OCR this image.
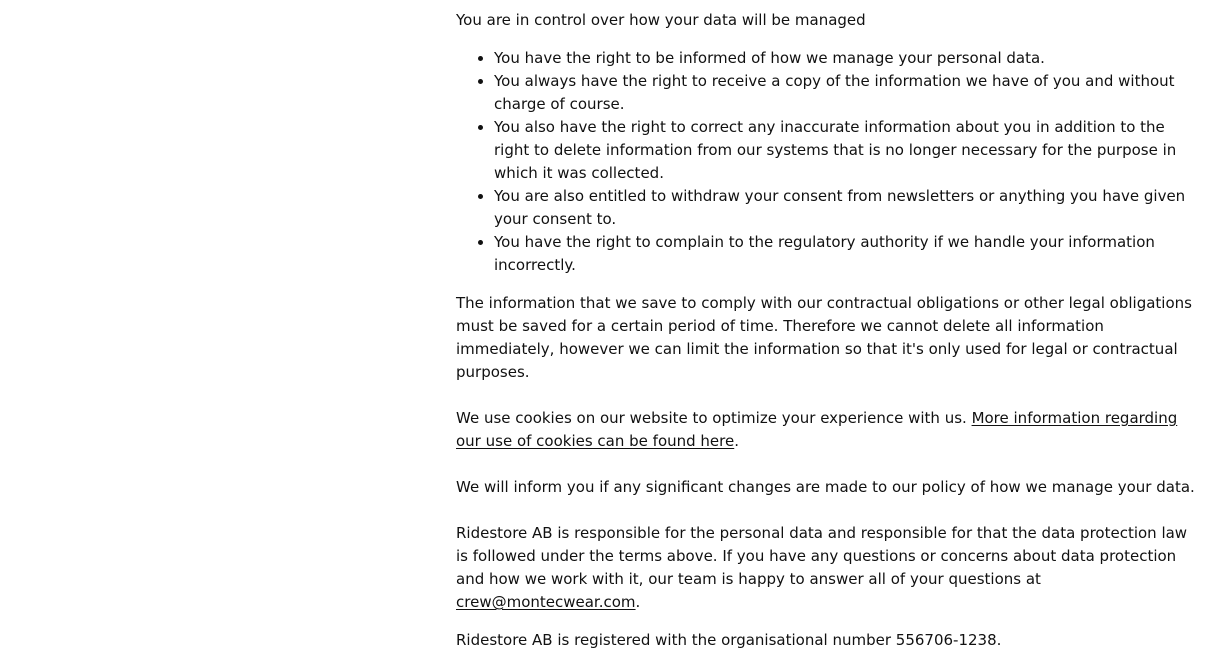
You are in control over how your data will be managed

• You have the right to be informed of how we manage your personal data.
• You always have the right to receive a copy of the information we have of you and without charge of course.
• You also have the right to correct any inaccurate information about you in addition to the right to delete information from our systems that is no longer necessary for the purpose in which it was collected.
• You are also entitled to withdraw your consent from newsletters or anything you have given your consent to.
• You have the right to complain to the regulatory authority if we handle your information incorrectly.

The information that we save to comply with our contractual obligations or other legal obligations must be saved for a certain period of time. Therefore we cannot delete all information immediately, however we can limit the information so that it's only used for legal or contractual purposes.

We use cookies on our website to optimize your experience with us. More information regarding our use of cookies can be found here.

We will inform you if any significant changes are made to our policy of how we manage your data.

Ridestore AB is responsible for the personal data and responsible for that the data protection law is followed under the terms above. If you have any questions or concerns about data protection and how we work with it, our team is happy to answer all of your questions at crew@montecwear.com.

Ridestore AB is registered with the organisational number 556706-1238.
